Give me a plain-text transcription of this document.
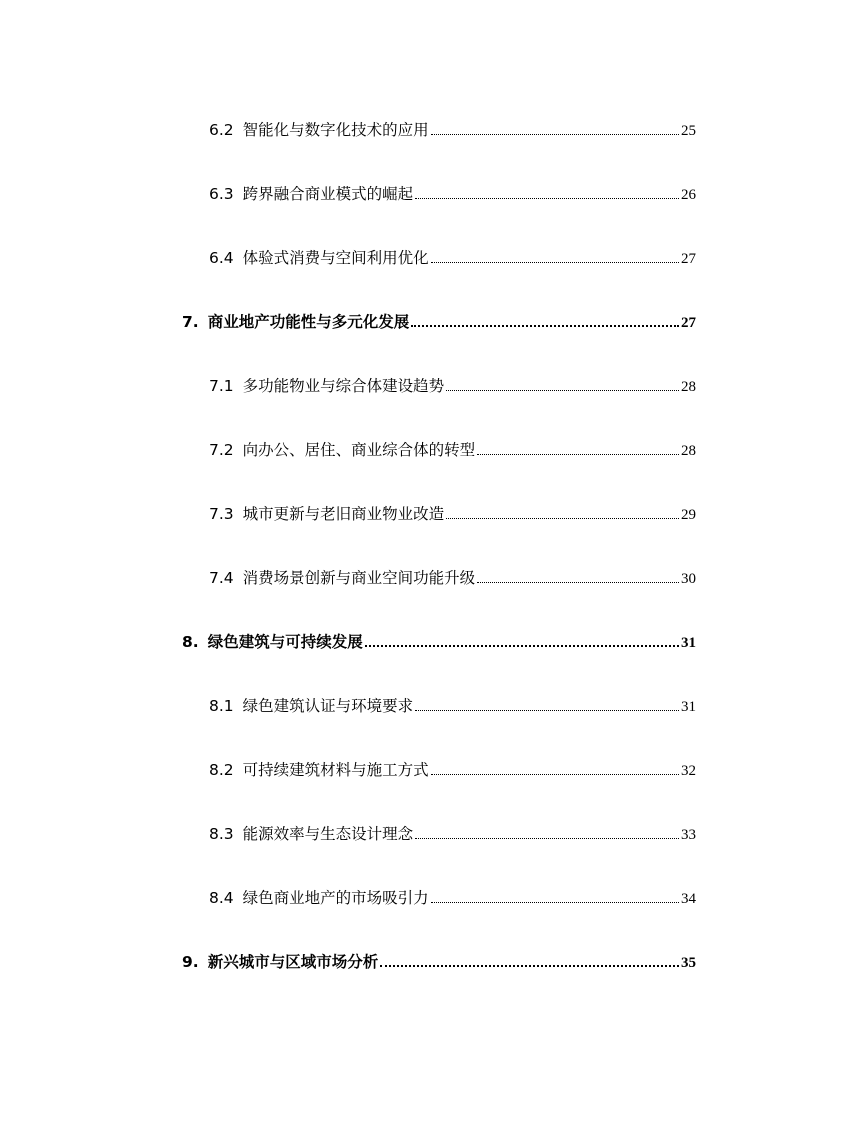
6.2 智能化与数字化技术的应用	25
6.3 跨界融合商业模式的崛起	26
6.4 体验式消费与空间利用优化	27
7. 商业地产功能性与多元化发展	27
7.1 多功能物业与综合体建设趋势	28
7.2 向办公、居住、商业综合体的转型	28
7.3 城市更新与老旧商业物业改造	29
7.4 消费场景创新与商业空间功能升级	30
8. 绿色建筑与可持续发展	31
8.1 绿色建筑认证与环境要求	31
8.2 可持续建筑材料与施工方式	32
8.3 能源效率与生态设计理念	33
8.4 绿色商业地产的市场吸引力	34
9. 新兴城市与区域市场分析	35
